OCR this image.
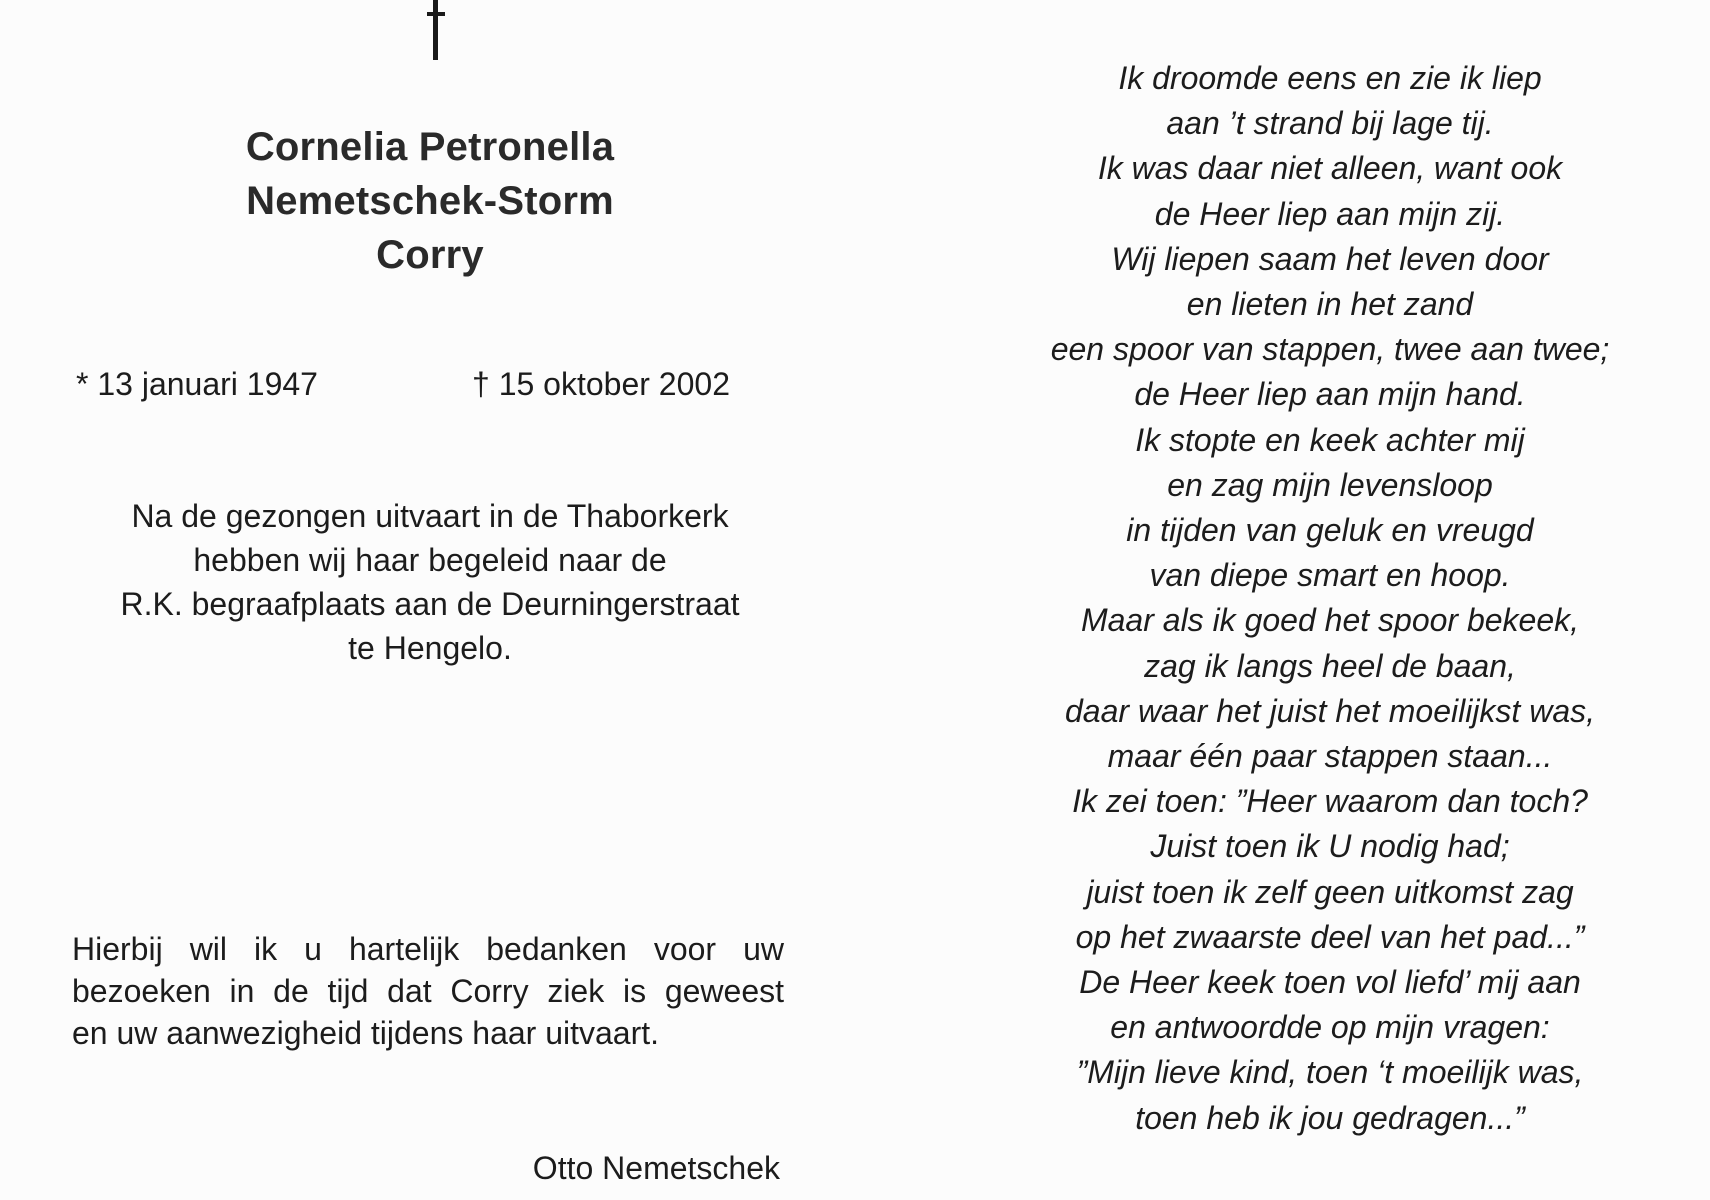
Cornelia Petronella
Nemetschek-Storm
Corry
* 13 januari 1947	† 15 oktober 2002
Na de gezongen uitvaart in de Thaborkerk
hebben wij haar begeleid naar de
R.K. begraafplaats aan de Deurningerstraat
te Hengelo.
Hierbij wil ik u hartelijk bedanken voor uw
bezoeken in de tijd dat Corry ziek is geweest
en uw aanwezigheid tijdens haar uitvaart.
Otto Nemetschek
Ik droomde eens en zie ik liep
aan ’t strand bij lage tij.
Ik was daar niet alleen, want ook
de Heer liep aan mijn zij.
Wij liepen saam het leven door
en lieten in het zand
een spoor van stappen, twee aan twee;
de Heer liep aan mijn hand.
Ik stopte en keek achter mij
en zag mijn levensloop
in tijden van geluk en vreugd
van diepe smart en hoop.
Maar als ik goed het spoor bekeek,
zag ik langs heel de baan,
daar waar het juist het moeilijkst was,
maar één paar stappen staan...
Ik zei toen: ”Heer waarom dan toch?
Juist toen ik U nodig had;
juist toen ik zelf geen uitkomst zag
op het zwaarste deel van het pad...”
De Heer keek toen vol liefd’ mij aan
en antwoordde op mijn vragen:
”Mijn lieve kind, toen ‘t moeilijk was,
toen heb ik jou gedragen...”
